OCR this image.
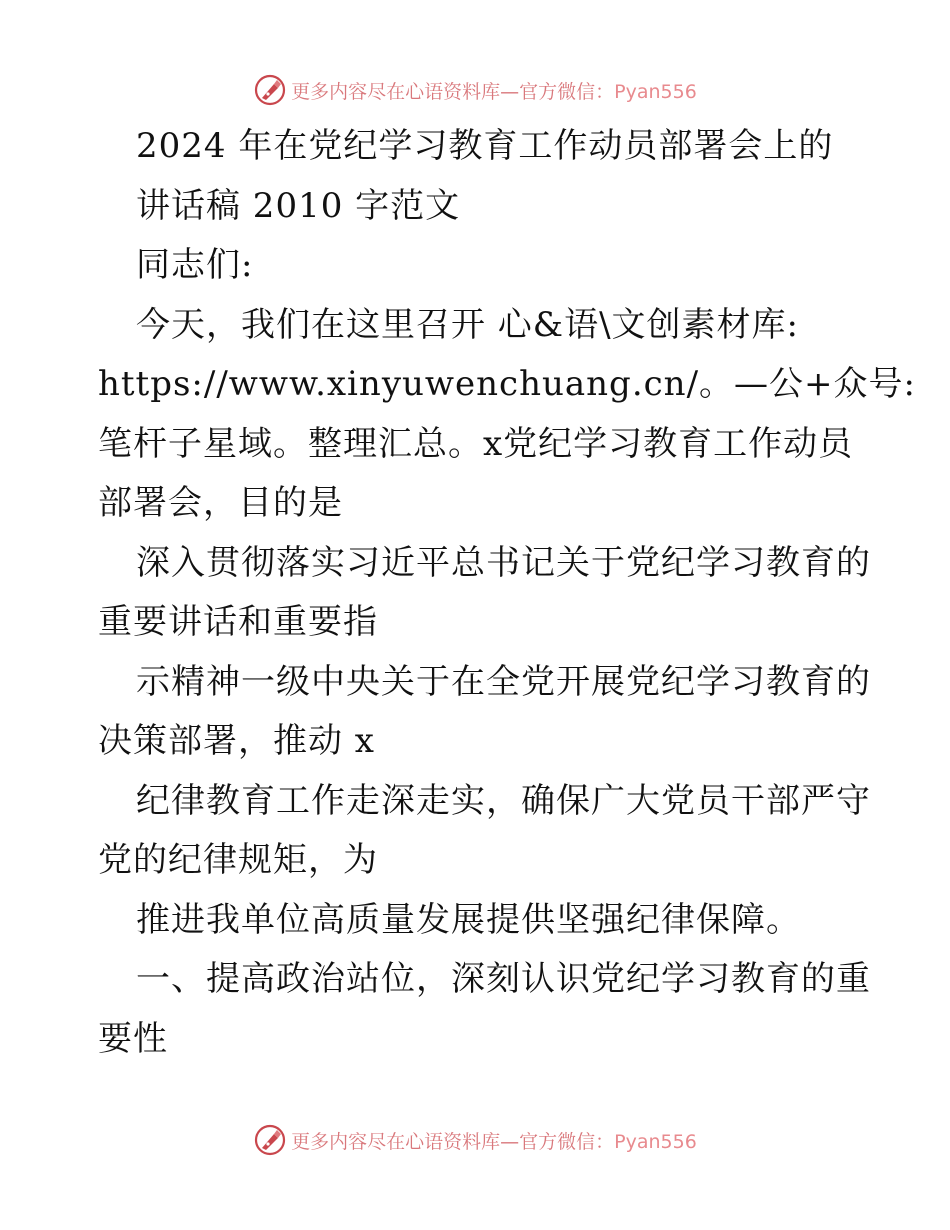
更多内容尽在心语资料库—官方微信：Pyan556
2024 年在党纪学习教育工作动员部署会上的
讲话稿 2010 字范文
同志们:
今天，我们在这里召开 心&语\文创素材库:
https://www.xinyuwenchuang.cn/。—公+众号:
笔杆子星域。整理汇总。x党纪学习教育工作动员
部署会，目的是
深入贯彻落实习近平总书记关于党纪学习教育的
重要讲话和重要指
示精神一级中央关于在全党开展党纪学习教育的
决策部署，推动 x
纪律教育工作走深走实，确保广大党员干部严守
党的纪律规矩，为
推进我单位高质量发展提供坚强纪律保障。
一、提高政治站位，深刻认识党纪学习教育的重
要性
更多内容尽在心语资料库—官方微信：Pyan556
